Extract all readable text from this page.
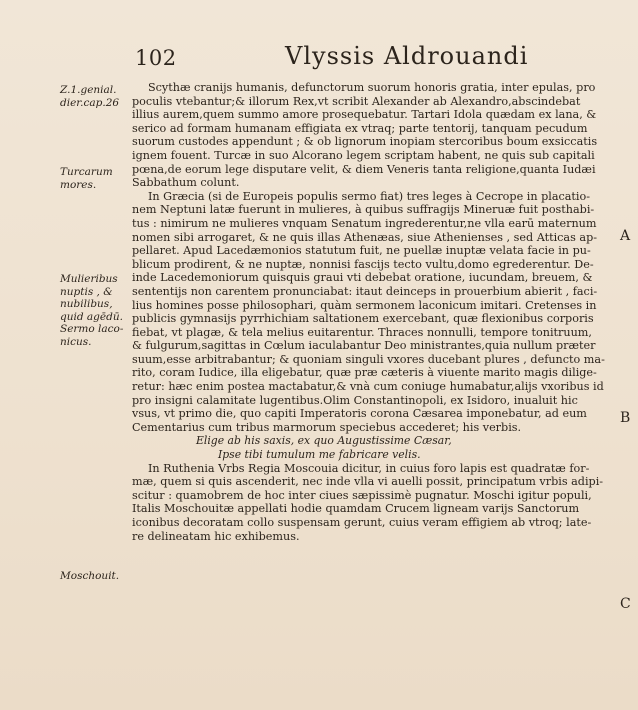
102	Vlyssis Aldrouandi
Z.1.genial.
dier.cap.26
Turcarum
mores.
Mulieribus
nuptis , &
nubilibus,
quid agēdū.
Sermo laco-
nicus.
Moschouit.
A
B
C
Scythæ cranijs humanis, defunctorum suorum honoris gratia, inter epulas, pro
poculis vtebantur;& illorum Rex,vt scribit Alexander ab Alexandro,abscindebat
illius aurem,quem summo amore prosequebatur. Tartari Idola quædam ex lana, &
serico ad formam humanam effigiata ex vtraq; parte tentorij, tanquam pecudum
suorum custodes appendunt ; & ob lignorum inopiam stercoribus boum exsiccatis
ignem fouent. Turcæ in suo Alcorano legem scriptam habent, ne quis sub capitali
pœna,de eorum lege disputare velit, & diem Veneris tanta religione,quanta Iudæi
Sabbathum colunt.
In Græcia (si de Europeis populis sermo fiat) tres leges à Cecrope in placatio-
nem Neptuni latæ fuerunt in mulieres, à quibus suffragijs Mineruæ fuit posthabi-
tus : nimirum ne mulieres vnquam Senatum ingrederentur,ne vlla earū maternum
nomen sibi arrogaret, & ne quis illas Athenæas, siue Athenienses , sed Atticas ap-
pellaret. Apud Lacedæmonios statutum fuit, ne puellæ inuptæ velata facie in pu-
blicum prodirent, & ne nuptæ, nonnisi fascijs tecto vultu,domo egrederentur. De-
inde Lacedemoniorum quisquis graui vti debebat oratione, iucundam, breuem, &
sententijs non carentem pronunciabat: itaut deinceps in prouerbium abierit , faci-
lius homines posse philosophari, quàm sermonem laconicum imitari. Cretenses in
publicis gymnasijs pyrrhichiam saltationem exercebant, quæ flexionibus corporis
fiebat, vt plagæ, & tela melius euitarentur. Thraces nonnulli, tempore tonitruum,
& fulgurum,sagittas in Cœlum iaculabantur Deo ministrantes,quia nullum præter
suum,esse arbitrabantur; & quoniam singuli vxores ducebant plures , defuncto ma-
rito, coram Iudice, illa eligebatur, quæ præ cæteris à viuente marito magis dilige-
retur: hæc enim postea mactabatur,& vnà cum coniuge humabatur,alijs vxoribus id
pro insigni calamitate lugentibus.Olim Constantinopoli, ex Isidoro, inualuit hic
vsus, vt primo die, quo capiti Imperatoris corona Cæsarea imponebatur, ad eum
Cementarius cum tribus marmorum speciebus accederet; his verbis.
Elige ab his saxis, ex quo Augustissime Cæsar,
Ipse tibi tumulum me fabricare velis.
In Ruthenia Vrbs Regia Moscouia dicitur, in cuius foro lapis est quadratæ for-
mæ, quem si quis ascenderit, nec inde vlla vi auelli possit, principatum vrbis adipi-
scitur : quamobrem de hoc inter ciues sæpissimè pugnatur. Moschi igitur populi,
Italis Moschouitæ appellati hodie quamdam Crucem ligneam varijs Sanctorum
iconibus decoratam collo suspensam gerunt, cuius veram effigiem ab vtroq; late-
re delineatam hic exhibemus.
